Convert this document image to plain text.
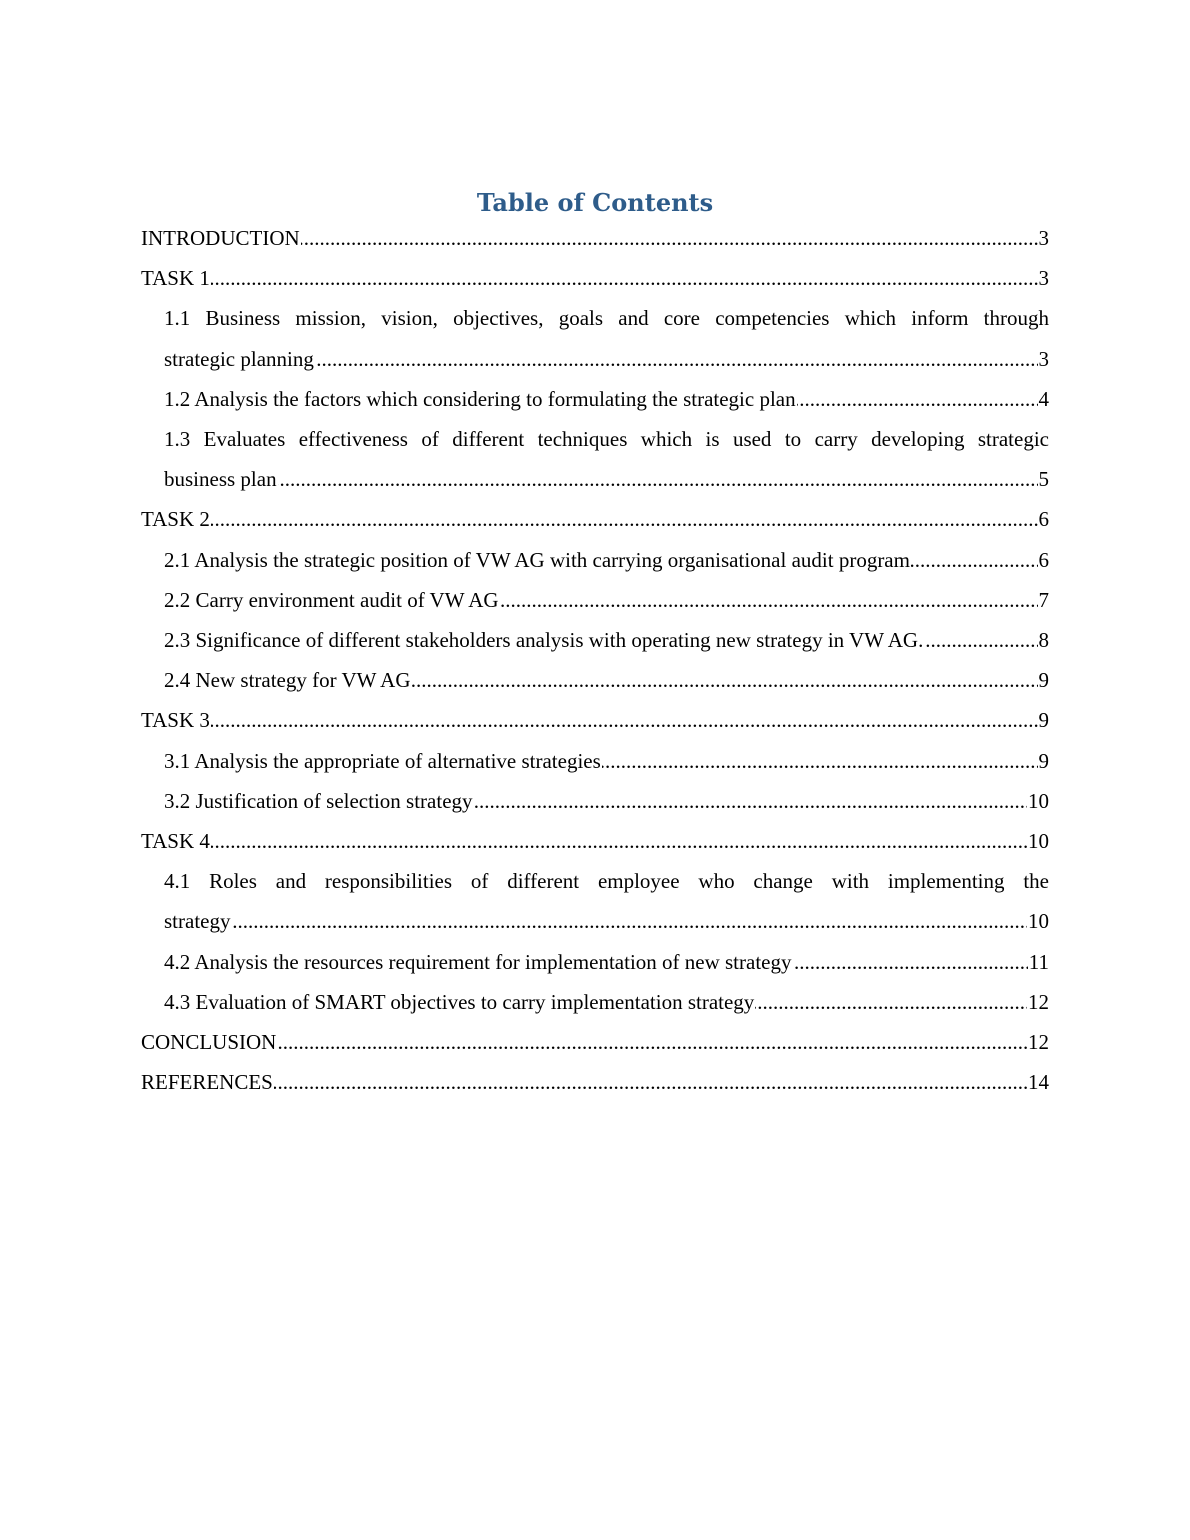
Table of Contents
.....
INTRODUCTION	3
.....
TASK 1	3
1.1 Business mission, vision, objectives, goals and core competencies which inform through
.....
strategic planning	3
.....
1.2 Analysis the factors which considering to formulating the strategic plan	4
1.3 Evaluates effectiveness of different techniques which is used to carry developing strategic
.....
business plan	5
.....
TASK 2	6
.....
2.1 Analysis the strategic position of VW AG with carrying organisational audit program	6
.....
2.2 Carry environment audit of VW AG	7
.....
2.3 Significance of different stakeholders analysis with operating new strategy in VW AG.	8
.....
2.4 New strategy for VW AG	9
.....
TASK 3	9
.....
3.1 Analysis the appropriate of alternative strategies	9
.....
3.2 Justification of selection strategy	10
.....
TASK 4	10
4.1 Roles and responsibilities of different employee who change with implementing the
.....
strategy	10
.....
4.2 Analysis the resources requirement for implementation of new strategy	11
.....
4.3 Evaluation of SMART objectives to carry implementation strategy	12
.....
CONCLUSION	12
.....
REFERENCES	14
